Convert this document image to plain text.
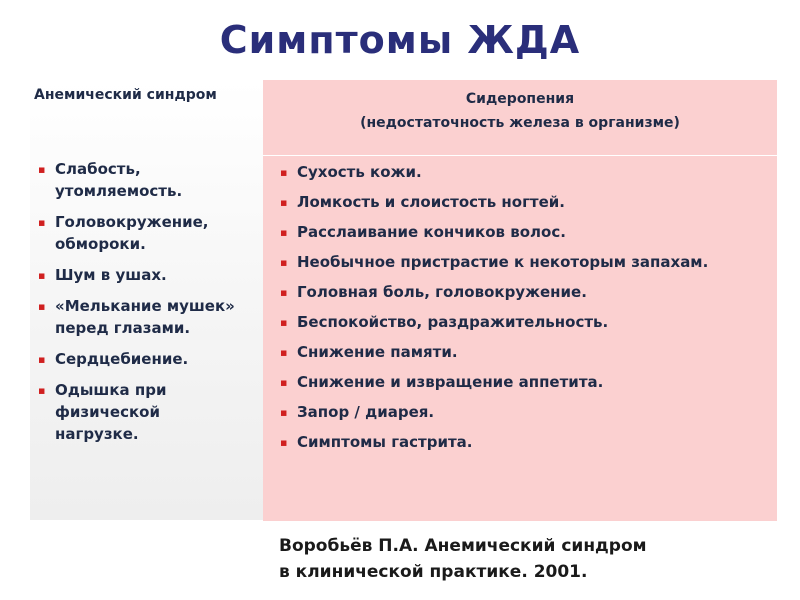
Симптомы ЖДА
Анемический синдром	Сидеропения
(недостаточность железа в организме)
▪ Слабость,
утомляемость.
▪ Головокружение,
обмороки.
▪ Шум в ушах.
▪ «Мелькание мушек»
перед глазами.
▪ Сердцебиение.
▪ Одышка при
физической
нагрузке.
▪ Сухость кожи.
▪ Ломкость и слоистость ногтей.
▪ Расслаивание кончиков волос.
▪ Необычное пристрастие к некоторым запахам.
▪ Головная боль, головокружение.
▪ Беспокойство, раздражительность.
▪ Снижение памяти.
▪ Снижение и извращение аппетита.
▪ Запор / диарея.
▪ Симптомы гастрита.
Воробьёв П.А. Анемический синдром
в клинической практике. 2001.
